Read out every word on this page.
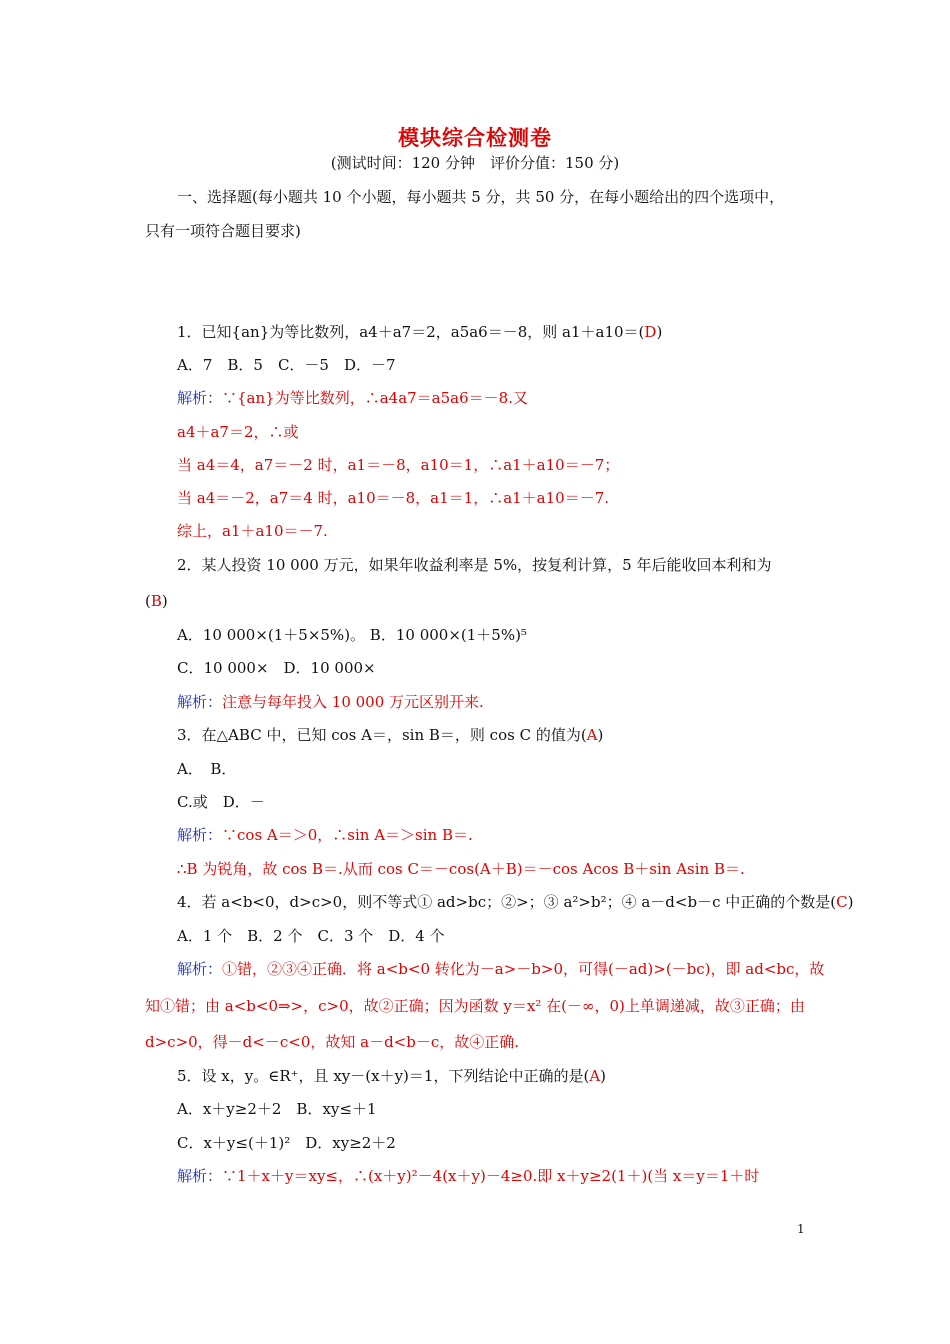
模块综合检测卷
(测试时间：120 分钟　评价分值：150 分)
一、选择题(每小题共 10 个小题，每小题共 5 分，共 50 分，在每小题给出的四个选项中，
只有一项符合题目要求)
1．已知{an}为等比数列，a4＋a7＝2，a5a6＝－8，则 a1＋a10＝(D)
A．7　B．5　C．－5　D．－7
解析：∵{an}为等比数列，∴a4a7＝a5a6＝－8.又
a4＋a7＝2，∴或
当 a4＝4，a7＝－2 时，a1＝－8，a10＝1，∴a1＋a10＝－7；
当 a4＝－2，a7＝4 时，a10＝－8，a1＝1，∴a1＋a10＝－7.
综上，a1＋a10＝－7.
2．某人投资 10 000 万元，如果年收益利率是 5%，按复利计算，5 年后能收回本利和为
(B)
A．10 000×(1＋5×5%)。 B．10 000×(1＋5%)⁵
C．10 000×　D．10 000×
解析：注意与每年投入 10 000 万元区别开来.
3．在△ABC 中，已知 cos A＝，sin B＝，则 cos C 的值为(A)
A．　B．
C.或　D．－
解析：∵cos A＝＞0，∴sin A＝＞sin B＝.
∴B 为锐角，故 cos B＝.从而 cos C＝－cos(A＋B)＝－cos Acos B＋sin Asin B＝.
4．若 a<b<0，d>c>0，则不等式① ad>bc；②>；③ a²>b²；④ a－d<b－c 中正确的个数是(C)
A．1 个　B．2 个　C．3 个　D．4 个
解析：①错，②③④正确．将 a<b<0 转化为－a>－b>0，可得(－ad)>(－bc)，即 ad<bc，故
知①错；由 a<b<0⇒>，c>0，故②正确；因为函数 y＝x² 在(－∞，0)上单调递减，故③正确；由
d>c>0，得－d<－c<0，故知 a－d<b－c，故④正确.
5．设 x，y。∈R⁺，且 xy－(x＋y)＝1，下列结论中正确的是(A)
A．x＋y≥2＋2　B．xy≤＋1
C．x＋y≤(＋1)²　D．xy≥2＋2
解析：∵1＋x＋y＝xy≤，∴(x＋y)²－4(x＋y)－4≥0.即 x＋y≥2(1＋)(当 x＝y＝1＋时
1
